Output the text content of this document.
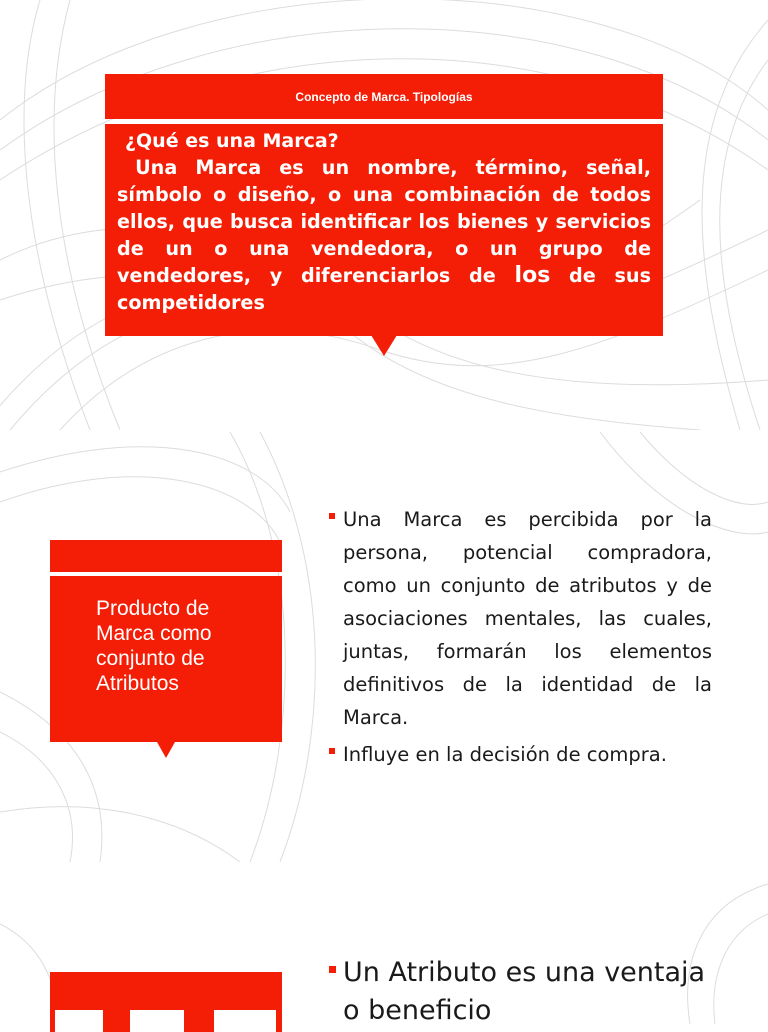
Concepto de Marca. Tipologías
¿Qué es una Marca?
Una Marca es un nombre, término, señal, símbolo o diseño, o una combinación de todos ellos, que busca identificar los bienes y servicios de un o una vendedora, o un grupo de vendedores, y diferenciarlos de los de sus competidores
Producto de Marca como conjunto de Atributos
Una Marca es percibida por la persona, potencial compradora, como un conjunto de atributos y de asociaciones mentales, las cuales, juntas, formarán los elementos definitivos de la identidad de la Marca.
Influye en la decisión de compra.
Un Atributo es una ventaja o beneficio
